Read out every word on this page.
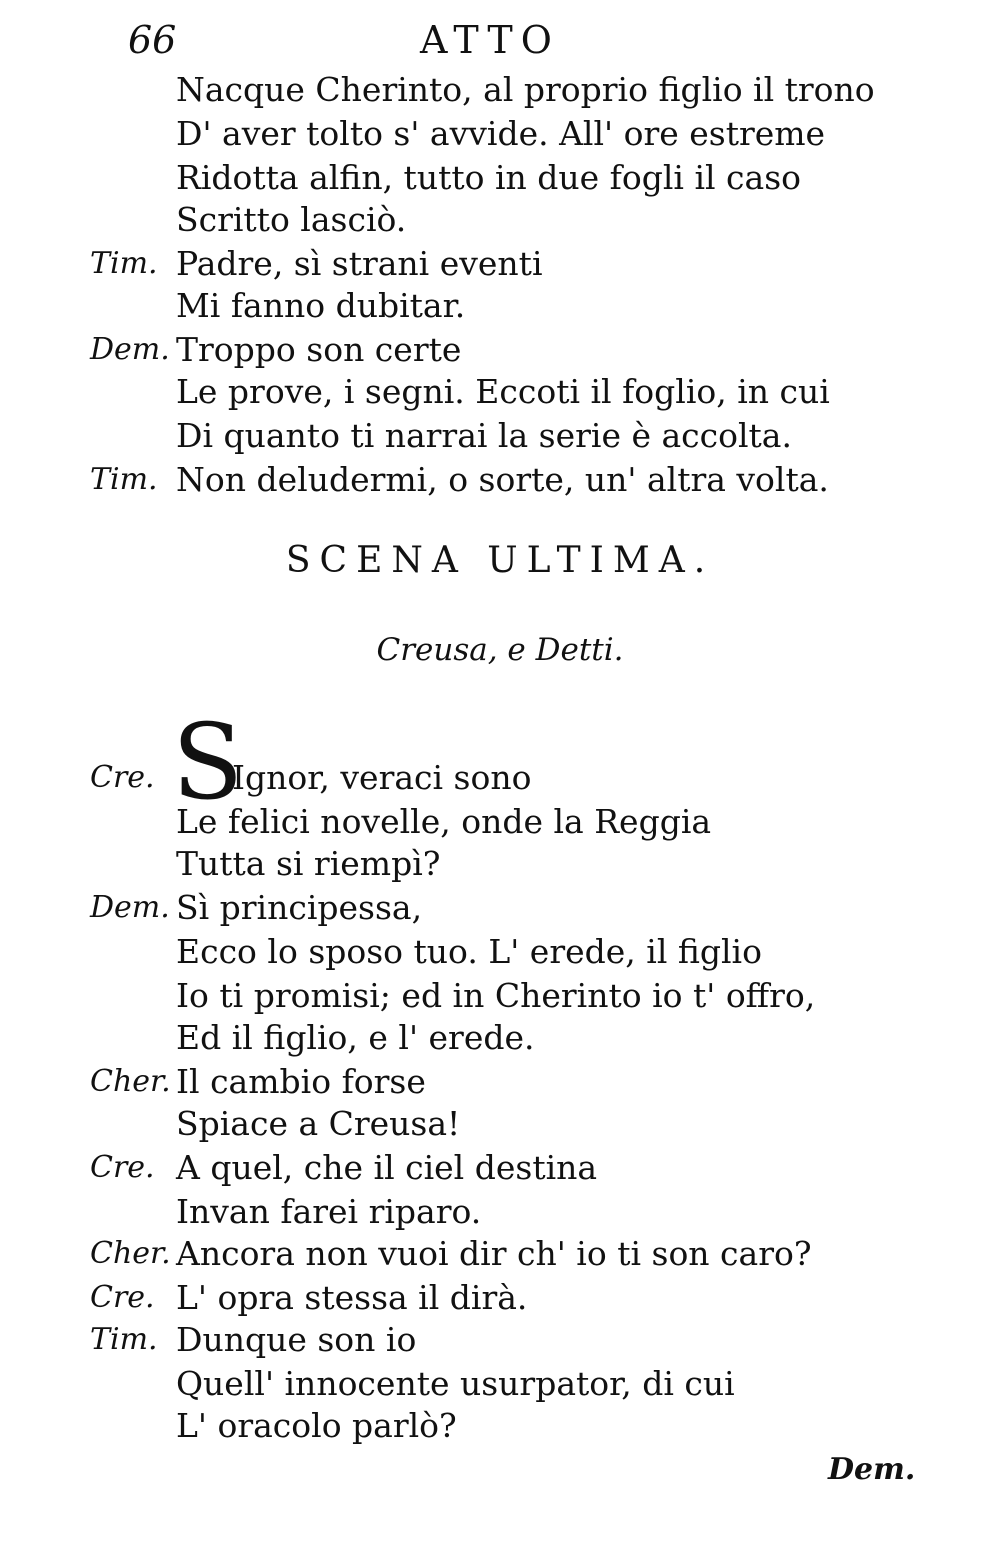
66	ATTO
Nacque Cherinto, al proprio figlio il trono
D' aver tolto s' avvide. All' ore estreme
Ridotta alfin, tutto in due fogli il caso
Scritto lasciò.
Tim. Padre, sì strani eventi
Mi fanno dubitar.
Dem. Troppo son certe
Le prove, i segni. Eccoti il foglio, in cui
Di quanto ti narrai la serie è accolta.
Tim. Non deludermi, o sorte, un' altra volta.
SCENA ULTIMA.
Creusa, e Detti.
S
Cre.	Ignor, veraci sono
Le felici novelle, onde la Reggia
Tutta si riempì?
Dem. Sì principessa,
Ecco lo sposo tuo. L' erede, il figlio
Io ti promisi; ed in Cherinto io t' offro,
Ed il figlio, e l' erede.
Cher. Il cambio forse
Spiace a Creusa!
Cre. A quel, che il ciel destina
Invan farei riparo.
Cher. Ancora non vuoi dir ch' io ti son caro?
Cre. L' opra stessa il dirà.
Tim. Dunque son io
Quell' innocente usurpator, di cui
L' oracolo parlò?
Dem.
